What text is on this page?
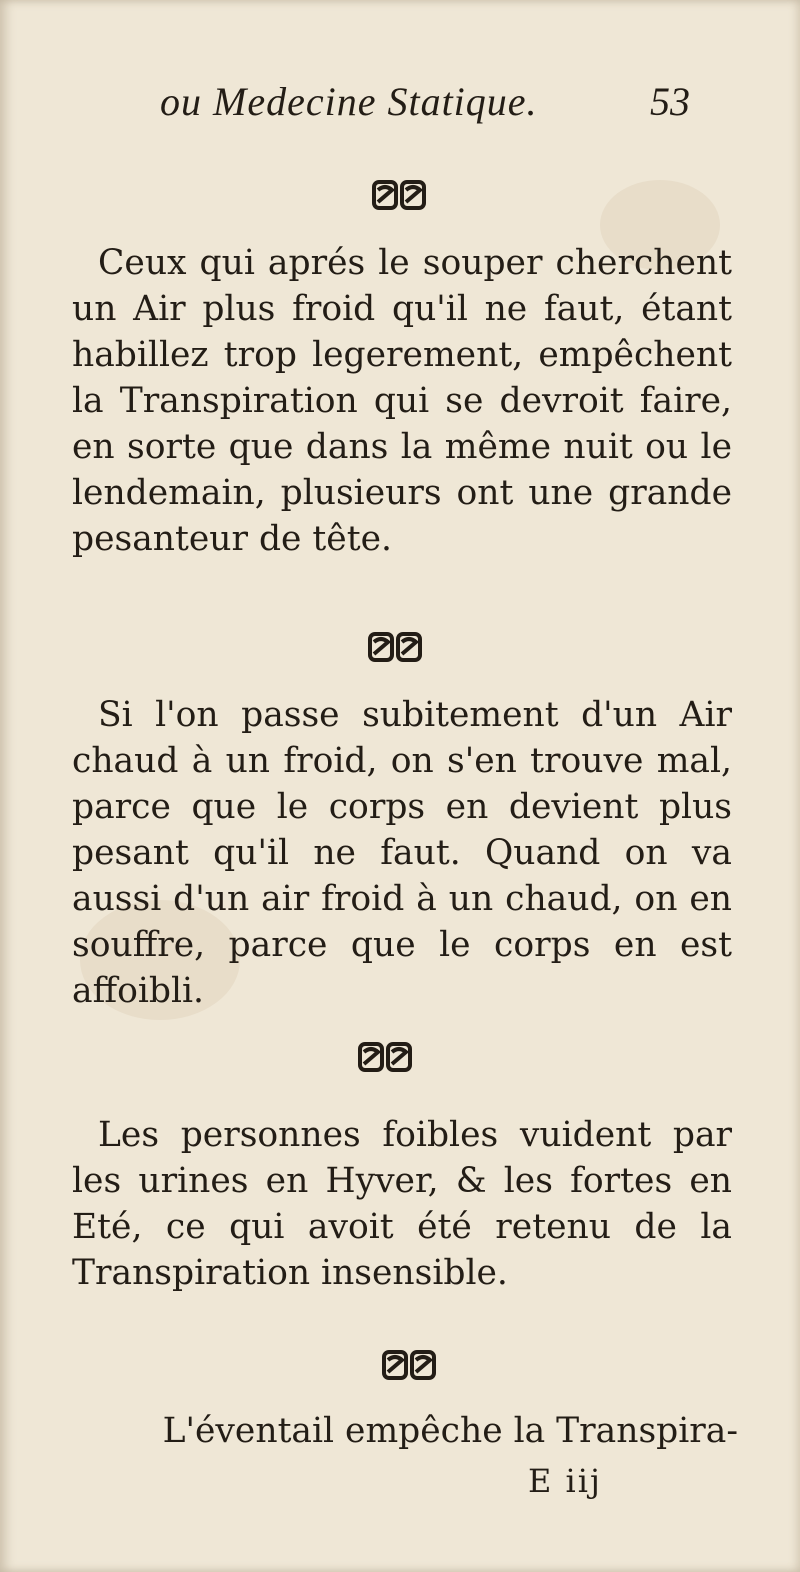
ou Medecine Statique.	53

Ceux qui aprés le souper cherchent un Air plus froid qu'il ne faut, étant habillez trop legerement, empêchent la Transpiration qui se devroit faire, en sorte que dans la même nuit ou le lendemain, plusieurs ont une grande pesanteur de tête.

Si l'on passe subitement d'un Air chaud à un froid, on s'en trouve mal, parce que le corps en devient plus pesant qu'il ne faut. Quand on va aussi d'un air froid à un chaud, on en souffre, parce que le corps en est affoibli.

Les personnes foibles vuident par les urines en Hyver, & les fortes en Eté, ce qui avoit été retenu de la Transpiration insensible.

L'éventail empêche la Transpira-

E iij
